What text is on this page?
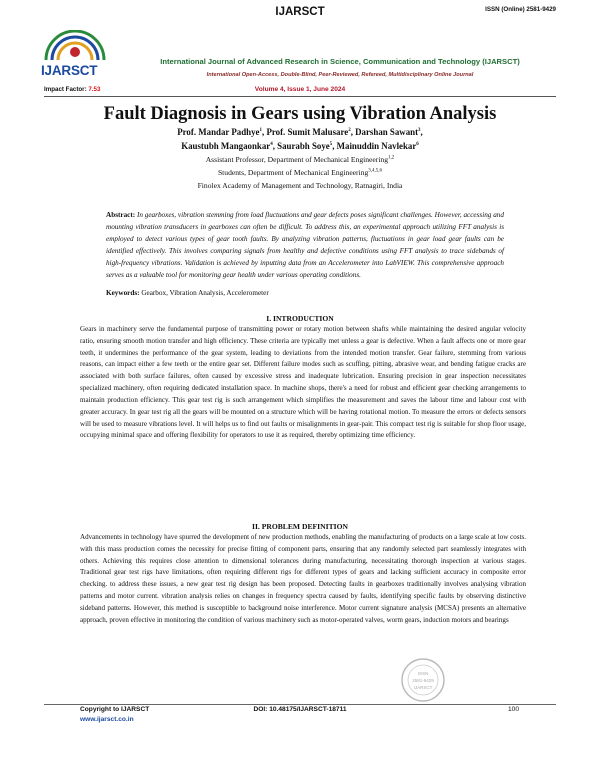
IJARSCT	ISSN (Online) 2581-9429
IJARSCT
International Journal of Advanced Research in Science, Communication and Technology (IJARSCT)
International Open-Access, Double-Blind, Peer-Reviewed, Refereed, Multidisciplinary Online Journal
Impact Factor: 7.53	Volume 4, Issue 1, June 2024
Fault Diagnosis in Gears using Vibration Analysis
Prof. Mandar Padhye$^1$, Prof. Sumit Malusare$^2$, Darshan Sawant$^3$,
Kaustubh Mangaonkar$^4$, Saurabh Soye$^5$, Mainuddin Navlekar$^6$
Assistant Professor, Department of Mechanical Engineering$^{1,2}$
Students, Department of Mechanical Engineering$^{3,4,5,6}$
Finolex Academy of Management and Technology, Ratnagiri, India

Abstract: In gearboxes, vibration stemming from load fluctuations and gear defects poses significant challenges. However, accessing and mounting vibration transducers in gearboxes can often be difficult. To address this, an experimental approach utilizing FFT analysis is employed to detect various types of gear tooth faults. By analyzing vibration patterns, fluctuations in gear load gear faults can be identified effectively. This involves comparing signals from healthy and defective conditions using FFT analysis to trace sidebands of high-frequency vibrations. Validation is achieved by inputting data from an Accelerometer into LabVIEW. This comprehensive approach serves as a valuable tool for monitoring gear health under various operating conditions.

Keywords: Gearbox, Vibration Analysis, Accelerometer

I. INTRODUCTION

Gears in machinery serve the fundamental purpose of transmitting power or rotary motion between shafts while maintaining the desired angular velocity ratio, ensuring smooth motion transfer and high efficiency. These criteria are typically met unless a gear is defective. When a fault affects one or more gear teeth, it undermines the performance of the gear system, leading to deviations from the intended motion transfer. Gear failure, stemming from various reasons, can impact either a few teeth or the entire gear set. Different failure modes such as scuffing, pitting, abrasive wear, and bending fatigue cracks are associated with both surface failures, often caused by excessive stress and inadequate lubrication. Ensuring precision in gear inspection necessitates specialized machinery, often requiring dedicated installation space. In machine shops, there's a need for robust and efficient gear checking arrangements to maintain production efficiency. This gear test rig is such arrangement which simplifies the measurement and saves the labour time and labour cost with greater accuracy. In gear test rig all the gears will be mounted on a structure which will be having rotational motion. To measure the errors or defects sensors will be used to measure vibrations level. It will helps us to find out faults or misalignments in gear-pair. This compact test rig is suitable for shop floor usage, occupying minimal space and offering flexibility for operators to use it as required, thereby optimizing time efficiency.

II. PROBLEM DEFINITION

Advancements in technology have spurred the development of new production methods, enabling the manufacturing of products on a large scale at low costs. with this mass production comes the necessity for precise fitting of component parts, ensuring that any randomly selected part seamlessly integrates with others. Achieving this requires close attention to dimensional tolerances during manufacturing, necessitating thorough inspection at various stages. Traditional gear test rigs have limitations, often requiring different rigs for different types of gears and lacking sufficient accuracy in composite error checking. to address these issues, a new gear test rig design has been proposed. Detecting faults in gearboxes traditionally involves analysing vibration patterns and motor current. vibration analysis relies on changes in frequency spectra caused by faults, identifying specific faults by observing distinctive sideband patterns. However, this method is susceptible to background noise interference. Motor current signature analysis (MCSA) presents an alternative approach, proven effective in monitoring the condition of various machinery such as motor-operated valves, worm gears, induction motors and bearings

ISSN
2581-9429
IJARSCT
Copyright to IJARSCT
www.ijarsct.co.in
DOI: 10.48175/IJARSCT-18711	100
